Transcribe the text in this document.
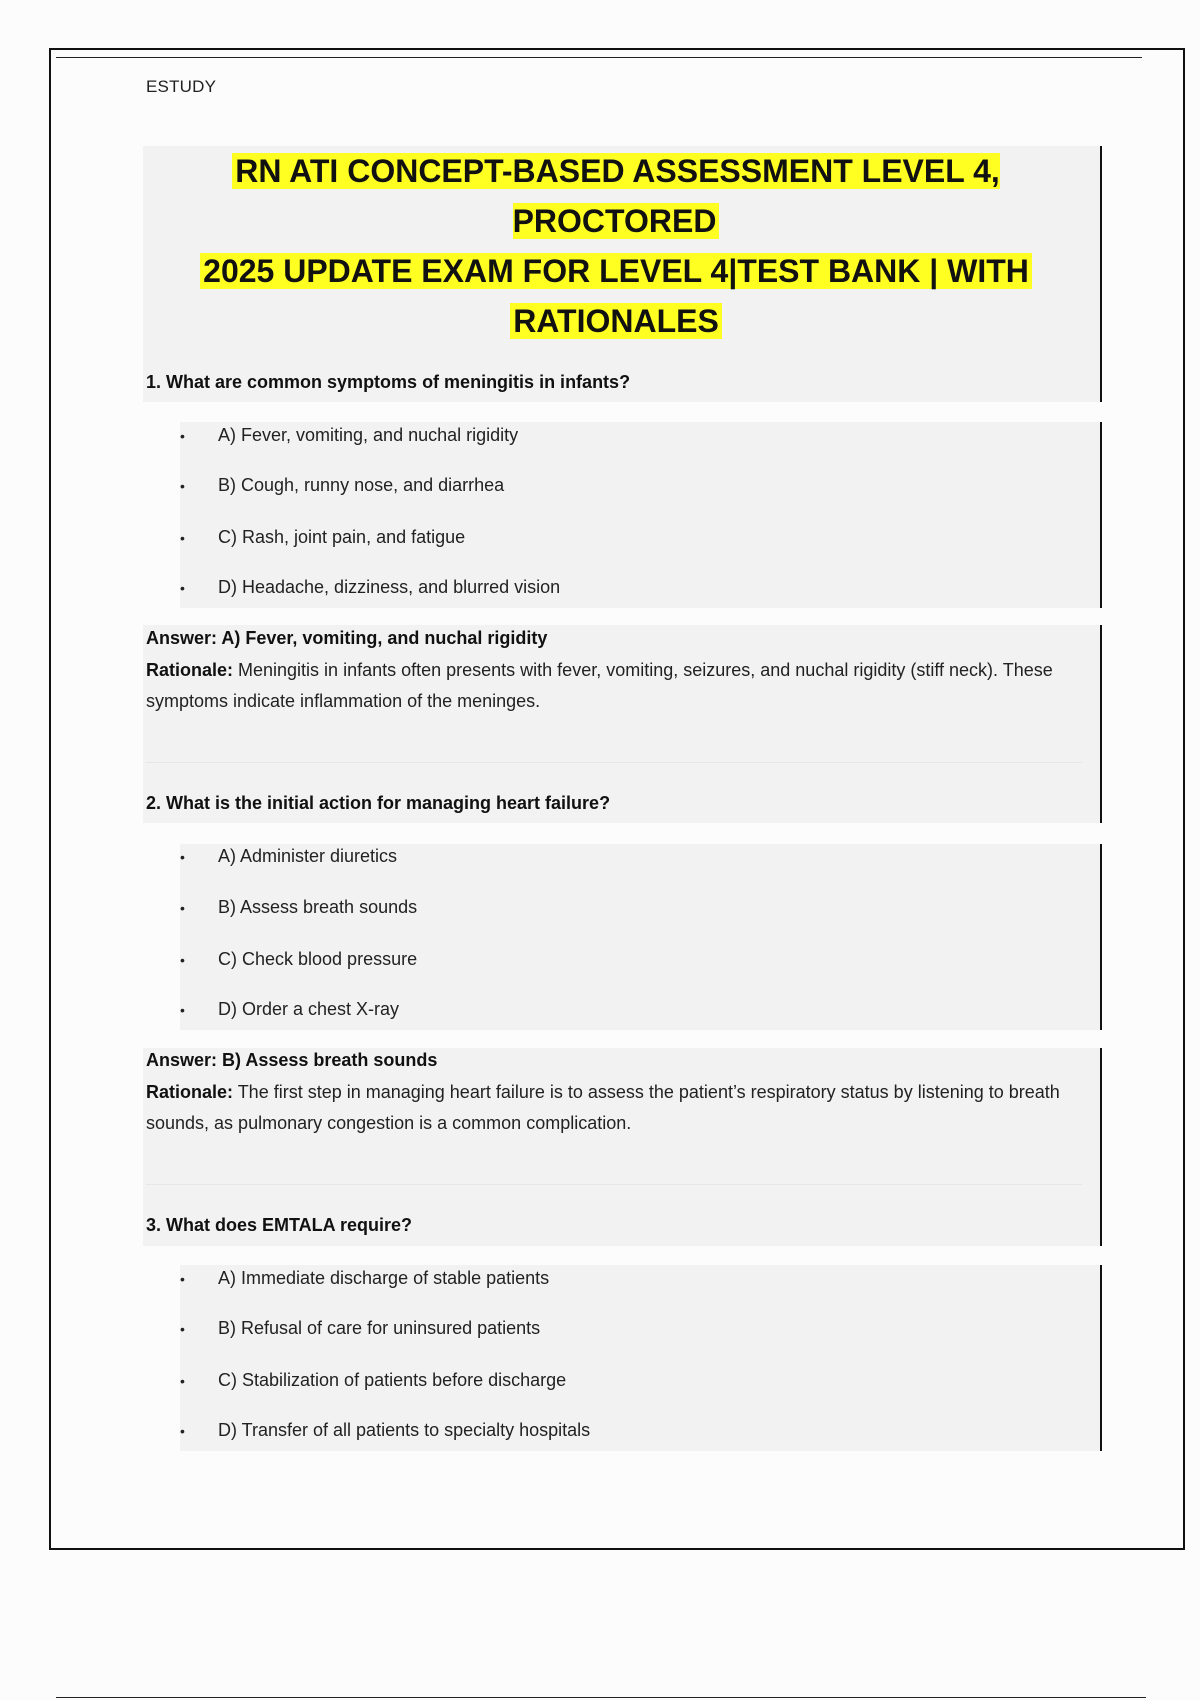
ESTUDY
RN ATI CONCEPT-BASED ASSESSMENT LEVEL 4, PROCTORED
2025 UPDATE EXAM FOR LEVEL 4|TEST BANK | WITH
RATIONALES
1. What are common symptoms of meningitis in infants?
• A) Fever, vomiting, and nuchal rigidity
• B) Cough, runny nose, and diarrhea
• C) Rash, joint pain, and fatigue
• D) Headache, dizziness, and blurred vision
Answer: A) Fever, vomiting, and nuchal rigidity
Rationale: Meningitis in infants often presents with fever, vomiting, seizures, and nuchal rigidity (stiff neck). These symptoms indicate inflammation of the meninges.
2. What is the initial action for managing heart failure?
• A) Administer diuretics
• B) Assess breath sounds
• C) Check blood pressure
• D) Order a chest X-ray
Answer: B) Assess breath sounds
Rationale: The first step in managing heart failure is to assess the patient’s respiratory status by listening to breath sounds, as pulmonary congestion is a common complication.
3. What does EMTALA require?
• A) Immediate discharge of stable patients
• B) Refusal of care for uninsured patients
• C) Stabilization of patients before discharge
• D) Transfer of all patients to specialty hospitals
